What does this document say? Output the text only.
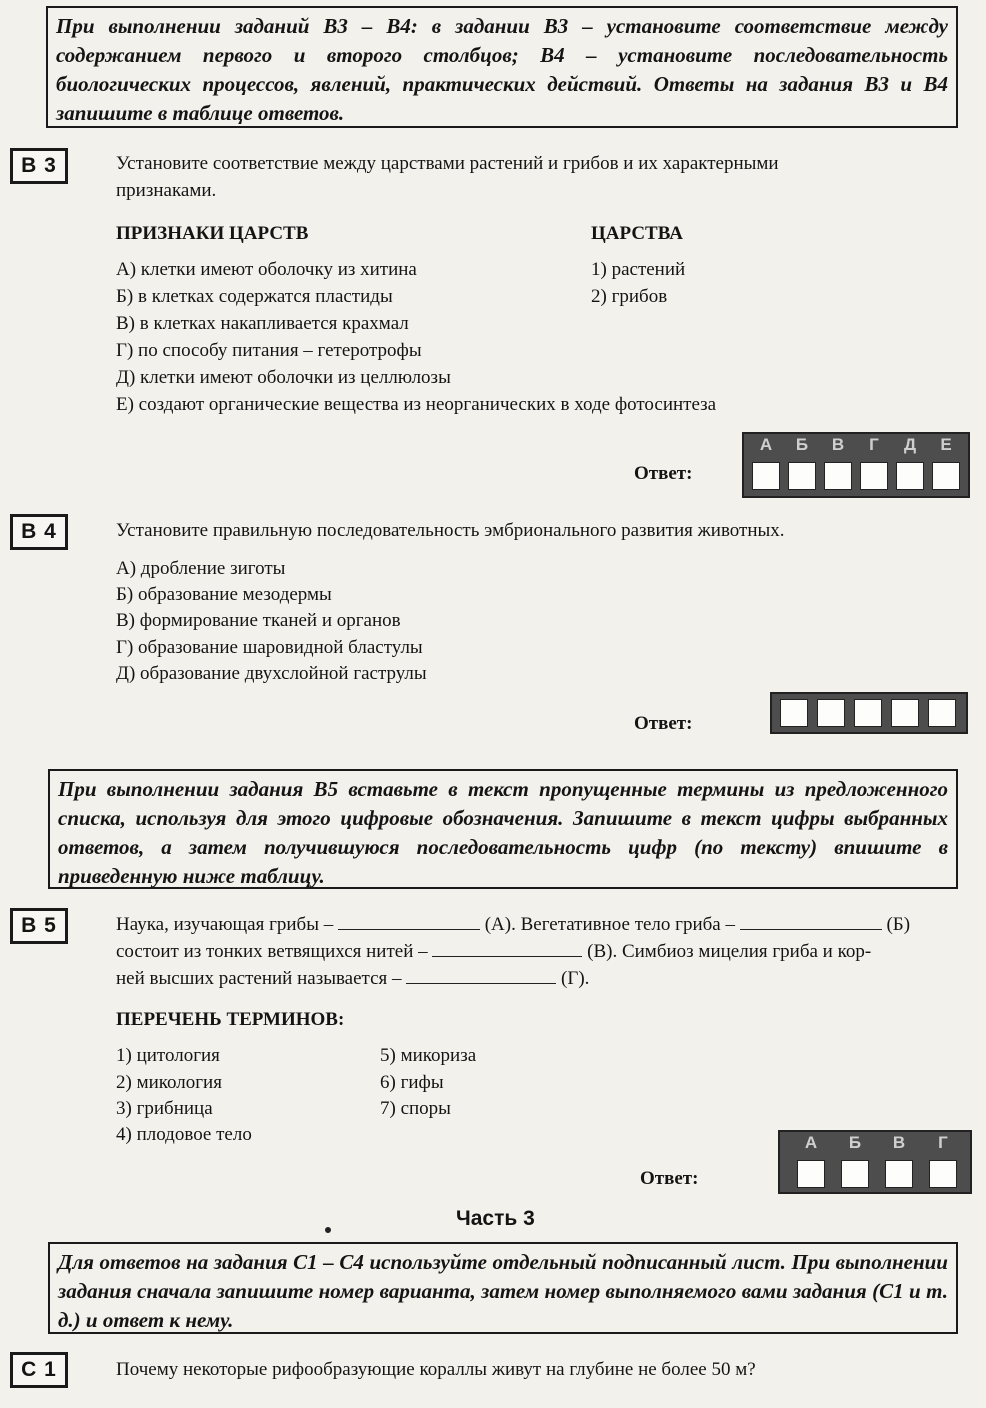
При выполнении заданий В3 – В4: в задании В3 – установите соответствие между содержанием первого и второго столбцов; В4 – установите последовательность биологических процессов, явлений, практических действий. Ответы на задания В3 и В4 запишите в таблице ответов.
В 3	Установите соответствие между царствами растений и грибов и их характерными
признаками.
ПРИЗНАКИ ЦАРСТВ	ЦАРСТВА
А) клетки имеют оболочку из хитина
Б) в клетках содержатся пластиды
В) в клетках накапливается крахмал
Г) по способу питания – гетеротрофы
Д) клетки имеют оболочки из целлюлозы
Е) создают органические вещества из неорганических в ходе фотосинтеза
1) растений
2) грибов
Ответ:
А	Б	В	Г	Д	Е
В 4	Установите правильную последовательность эмбрионального развития животных.
А) дробление зиготы
Б) образование мезодермы
В) формирование тканей и органов
Г) образование шаровидной бластулы
Д) образование двухслойной гаструлы
Ответ:
При выполнении задания В5 вставьте в текст пропущенные термины из предложенного списка, используя для этого цифровые обозначения. Запишите в текст цифры выбранных ответов, а затем получившуюся последовательность цифр (по тексту) впишите в приведенную ниже таблицу.
В 5	Наука, изучающая грибы –	(А). Вегетативное тело гриба –	(Б)
состоит из тонких ветвящихся нитей –	(В). Симбиоз мицелия гриба и кор-
ней высших растений называется –	(Г).
ПЕРЕЧЕНЬ ТЕРМИНОВ:
1) цитология
2) микология
3) грибница
4) плодовое тело
5) микориза
6) гифы
7) споры
Ответ:
А	Б	В	Г
Часть 3
Для ответов на задания С1 – С4 используйте отдельный подписанный лист. При выполнении задания сначала запишите номер варианта, затем номер выполняемого вами задания (С1 и т. д.) и ответ к нему.
С 1	Почему некоторые рифообразующие кораллы живут на глубине не более 50 м?
